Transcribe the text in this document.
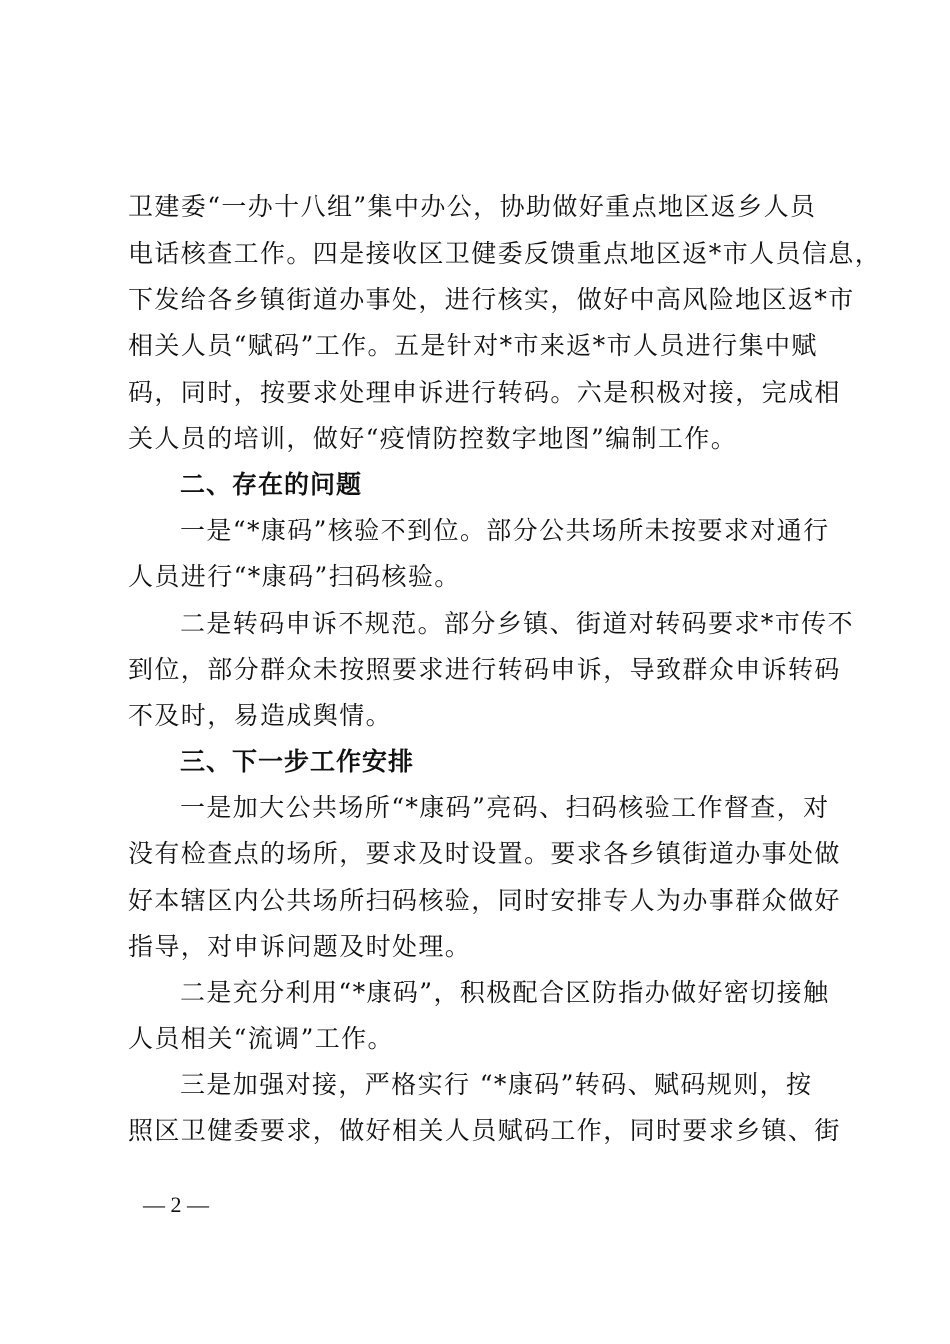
卫建委“一办十八组”集中办公，协助做好重点地区返乡人员
电话核查工作。四是接收区卫健委反馈重点地区返*市人员信息，
下发给各乡镇街道办事处，进行核实，做好中高风险地区返*市
相关人员“赋码”工作。五是针对*市来返*市人员进行集中赋
码，同时，按要求处理申诉进行转码。六是积极对接，完成相
关人员的培训，做好“疫情防控数字地图”编制工作。
二、存在的问题
一是“*康码”核验不到位。部分公共场所未按要求对通行
人员进行“*康码”扫码核验。
二是转码申诉不规范。部分乡镇、街道对转码要求*市传不
到位，部分群众未按照要求进行转码申诉，导致群众申诉转码
不及时，易造成舆情。
三、下一步工作安排
一是加大公共场所“*康码”亮码、扫码核验工作督查，对
没有检查点的场所，要求及时设置。要求各乡镇街道办事处做
好本辖区内公共场所扫码核验，同时安排专人为办事群众做好
指导，对申诉问题及时处理。
二是充分利用“*康码”，积极配合区防指办做好密切接触
人员相关“流调”工作。
三是加强对接，严格实行 “*康码”转码、赋码规则，按
照区卫健委要求，做好相关人员赋码工作，同时要求乡镇、街
— 2 —
